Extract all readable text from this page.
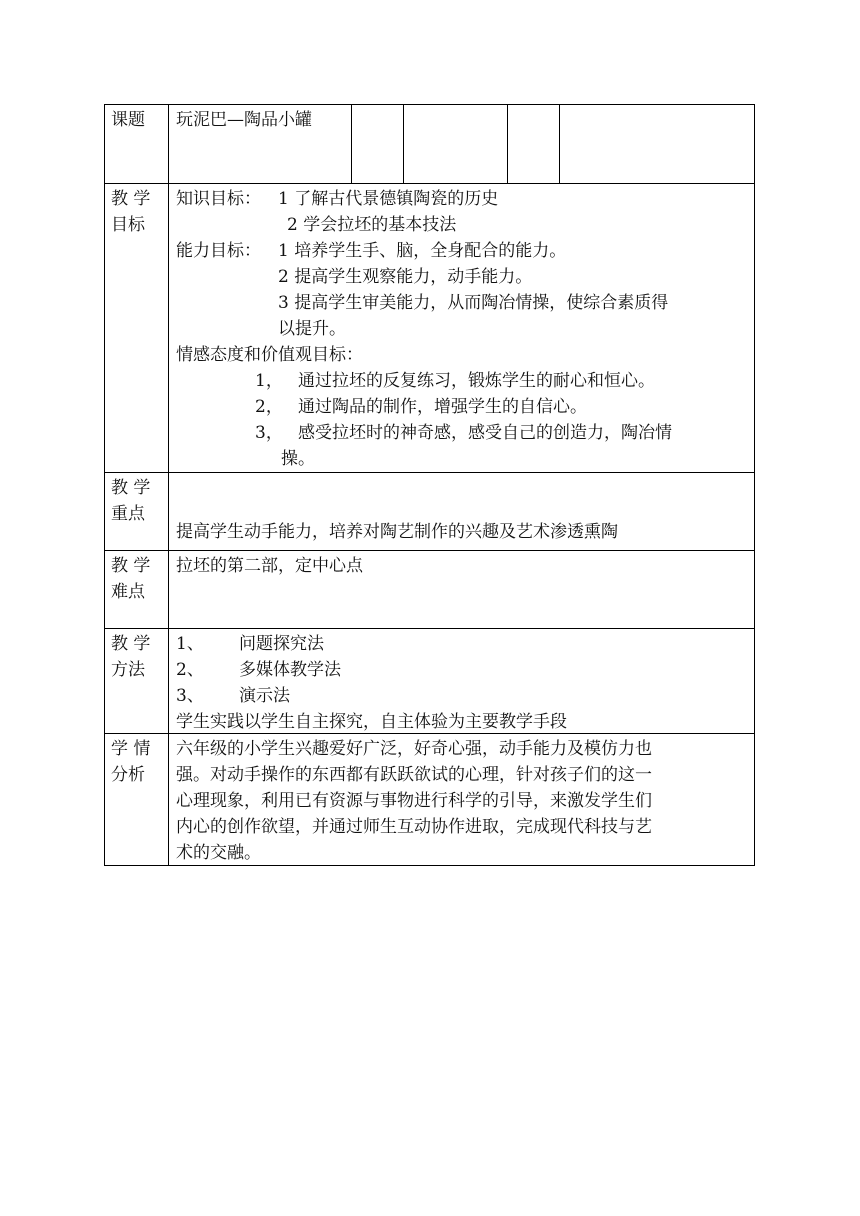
课题 玩泥巴—陶品小罐
教 学
目标
知识目标： 1 了解古代景德镇陶瓷的历史
2 学会拉坯的基本技法
能力目标： 1 培养学生手、脑，全身配合的能力。
2 提高学生观察能力，动手能力。
3 提高学生审美能力，从而陶冶情操，使综合素质得
以提升。
情感态度和价值观目标：
1， 通过拉坯的反复练习，锻炼学生的耐心和恒心。
2， 通过陶品的制作，增强学生的自信心。
3， 感受拉坯时的神奇感，感受自己的创造力，陶冶情
操。
教 学
重点
提高学生动手能力，培养对陶艺制作的兴趣及艺术渗透熏陶
教 学
难点
拉坯的第二部，定中心点
教 学
方法
1、 问题探究法
2、 多媒体教学法
3、 演示法
学生实践以学生自主探究，自主体验为主要教学手段
学 情
分析
六年级的小学生兴趣爱好广泛，好奇心强，动手能力及模仿力也
强。对动手操作的东西都有跃跃欲试的心理，针对孩子们的这一
心理现象，利用已有资源与事物进行科学的引导，来激发学生们
内心的创作欲望，并通过师生互动协作进取，完成现代科技与艺
术的交融。
